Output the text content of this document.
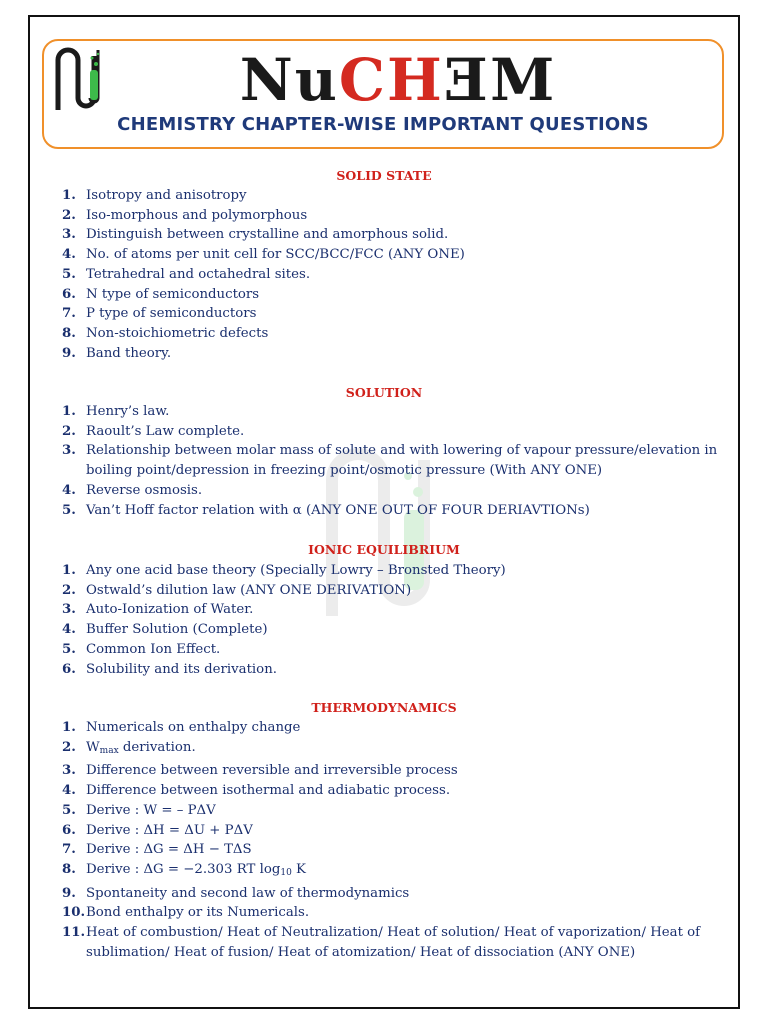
NuCHƎM
CHEMISTRY CHAPTER-WISE IMPORTANT QUESTIONS
SOLID STATE
1. Isotropy and anisotropy
2. Iso-morphous and polymorphous
3. Distinguish between crystalline and amorphous solid.
4. No. of atoms per unit cell for SCC/BCC/FCC (ANY ONE)
5. Tetrahedral and octahedral sites.
6. N type of semiconductors
7. P type of semiconductors
8. Non-stoichiometric defects
9. Band theory.
SOLUTION
1. Henry’s law.
2. Raoult’s Law complete.
3. Relationship between molar mass of solute and with lowering of vapour pressure/elevation in boiling point/depression in freezing point/osmotic pressure (With ANY ONE)
4. Reverse osmosis.
5. Van’t Hoff factor relation with α (ANY ONE OUT OF FOUR DERIAVTIONs)
IONIC EQUILIBRIUM
1. Any one acid base theory (Specially Lowry – Bronsted Theory)
2. Ostwald’s dilution law (ANY ONE DERIVATION)
3. Auto-Ionization of Water.
4. Buffer Solution (Complete)
5. Common Ion Effect.
6. Solubility and its derivation.
THERMODYNAMICS
1. Numericals on enthalpy change
2. $W_{max}$ derivation.
3. Difference between reversible and irreversible process
4. Difference between isothermal and adiabatic process.
5. Derive : W = – PΔV
6. Derive : ΔH = ΔU + PΔV
7. Derive : ΔG = ΔH − TΔS
8. Derive : ΔG = −2.303 RT $\log_{10} K$
9. Spontaneity and second law of thermodynamics
10. Bond enthalpy or its Numericals.
11. Heat of combustion/ Heat of Neutralization/ Heat of solution/ Heat of vaporization/ Heat of sublimation/ Heat of fusion/ Heat of atomization/ Heat of dissociation (ANY ONE)
